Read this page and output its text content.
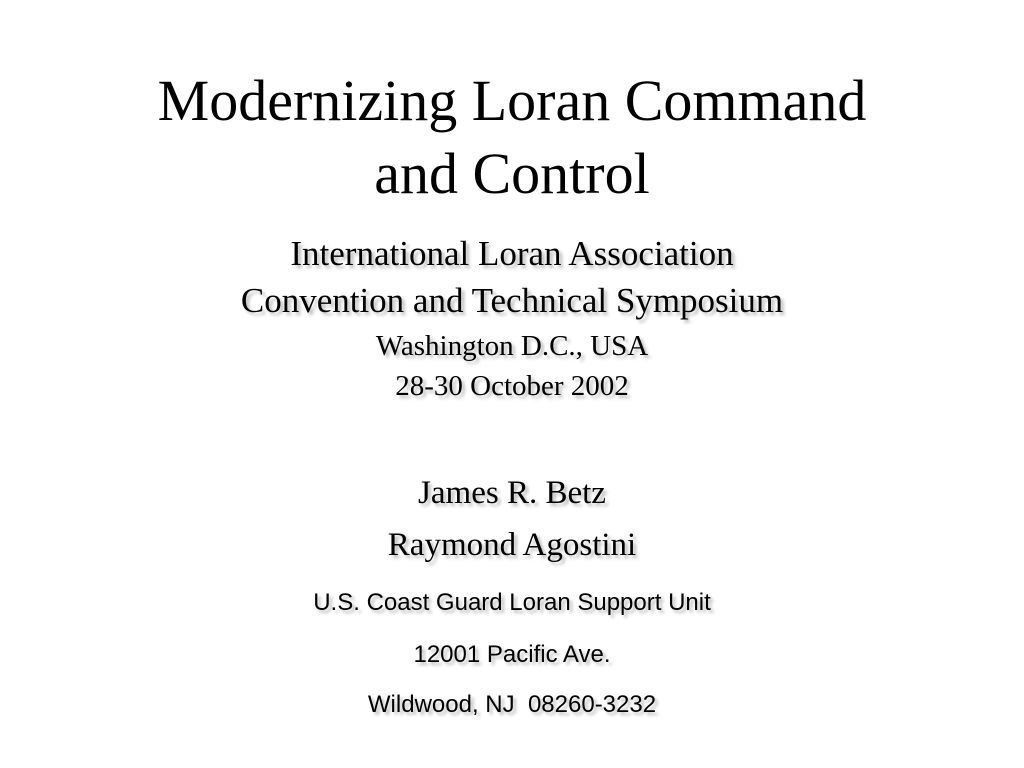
Modernizing Loran Command
and Control
International Loran Association
Convention and Technical Symposium
Washington D.C., USA
28-30 October 2002
James R. Betz
Raymond Agostini
U.S. Coast Guard Loran Support Unit
12001 Pacific Ave.
Wildwood, NJ  08260-3232
